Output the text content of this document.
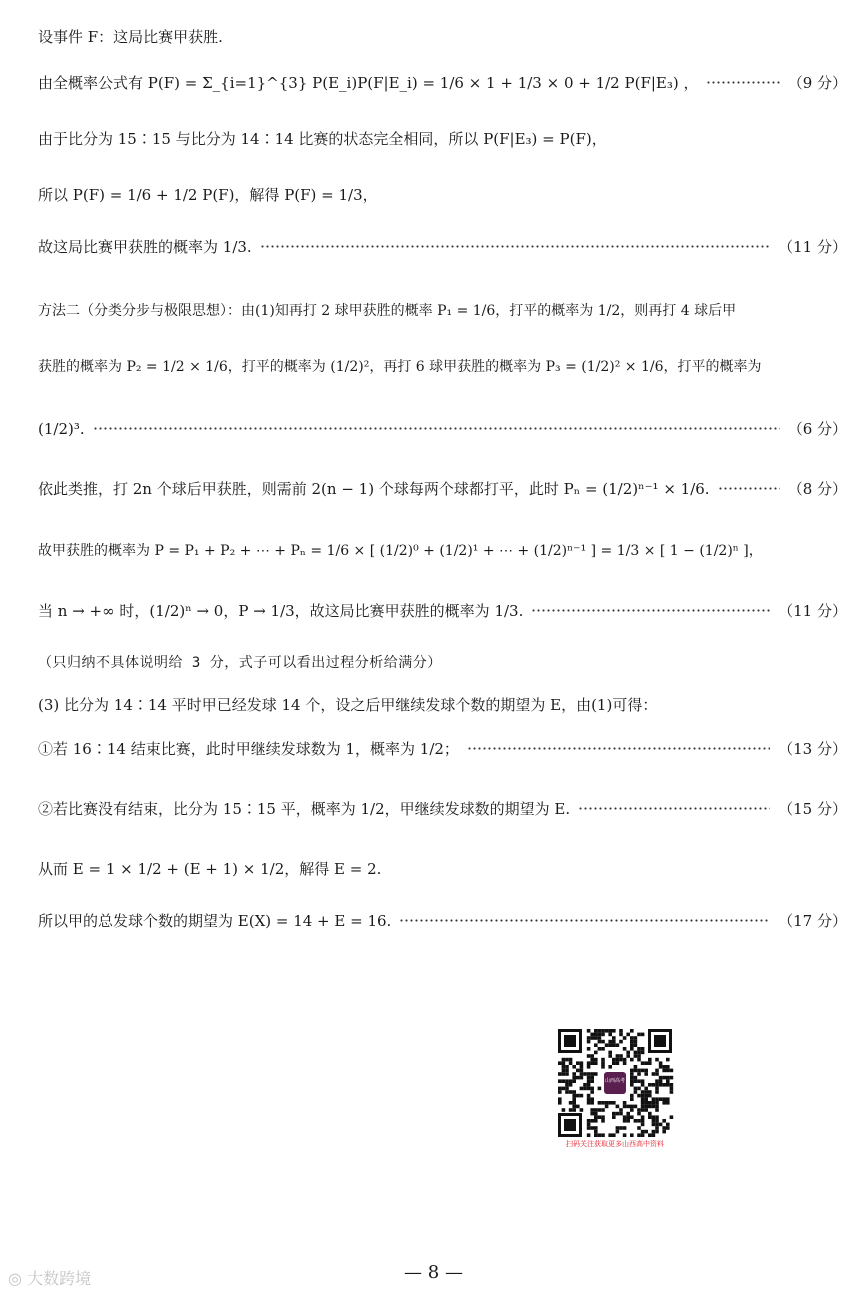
设事件 F：这局比赛甲获胜.
由全概率公式有 P(F) = Σ_{i=1}^{3} P(E_i)P(F|E_i) = 1/6 × 1 + 1/3 × 0 + 1/2 P(F|E₃) ，	（9 分）
由于比分为 15∶15 与比分为 14∶14 比赛的状态完全相同，所以 P(F|E₃) = P(F)，
所以 P(F) = 1/6 + 1/2 P(F)，解得 P(F) = 1/3，
故这局比赛甲获胜的概率为 1/3.	（11 分）
方法二（分类分步与极限思想）：由(1)知再打 2 球甲获胜的概率 P₁ = 1/6，打平的概率为 1/2，则再打 4 球后甲
获胜的概率为 P₂ = 1/2 × 1/6，打平的概率为 (1/2)²，再打 6 球甲获胜的概率为 P₃ = (1/2)² × 1/6，打平的概率为
(1/2)³.	（6 分）
依此类推，打 2n 个球后甲获胜，则需前 2(n − 1) 个球每两个球都打平，此时 Pₙ = (1/2)ⁿ⁻¹ × 1/6.	（8 分）
故甲获胜的概率为 P = P₁ + P₂ + ⋯ + Pₙ = 1/6 × [ (1/2)⁰ + (1/2)¹ + ⋯ + (1/2)ⁿ⁻¹ ] = 1/3 × [ 1 − (1/2)ⁿ ]，
当 n → +∞ 时，(1/2)ⁿ → 0，P → 1/3，故这局比赛甲获胜的概率为 1/3.	（11 分）
（只归纳不具体说明给 3 分，式子可以看出过程分析给满分）
(3) 比分为 14∶14 平时甲已经发球 14 个，设之后甲继续发球个数的期望为 E，由(1)可得：
①若 16∶14 结束比赛，此时甲继续发球数为 1，概率为 1/2；	（13 分）
②若比赛没有结束，比分为 15∶15 平，概率为 1/2，甲继续发球数的期望为 E.	（15 分）
从而 E = 1 × 1/2 + (E + 1) × 1/2，解得 E = 2.
所以甲的总发球个数的期望为 E(X) = 14 + E = 16.	（17 分）
山西高考
扫码关注获取更多山西高中资料
— 8 —
◎ 大数跨境
